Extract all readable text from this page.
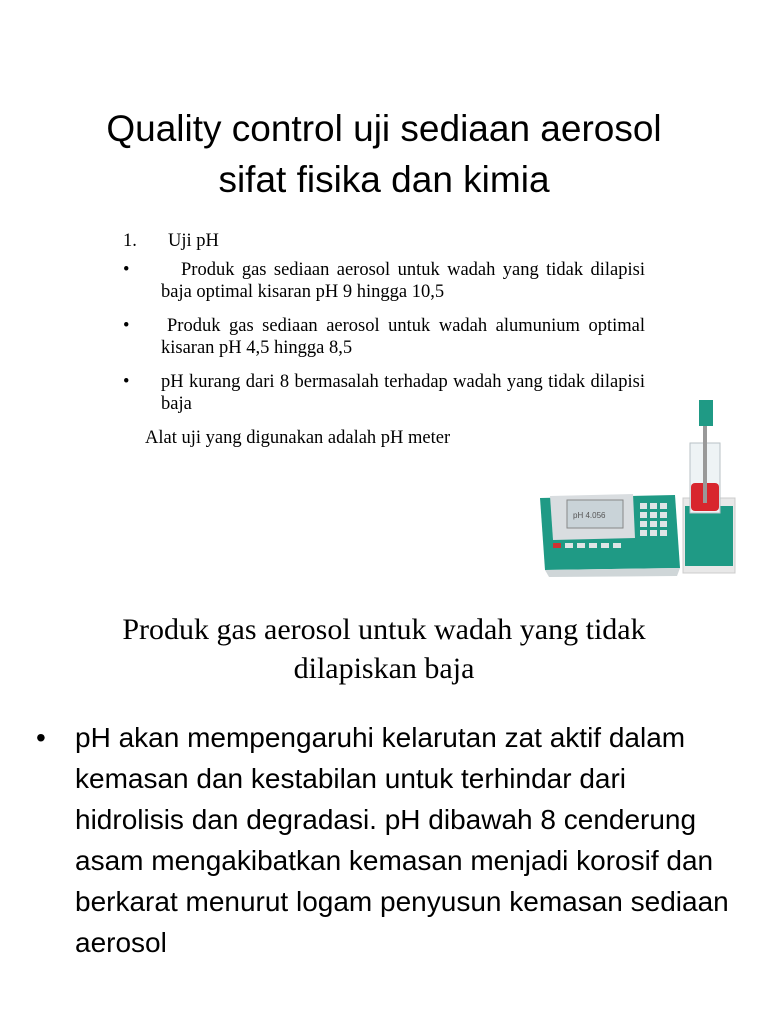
Quality control uji sediaan aerosol
sifat fisika dan kimia
1. Uji pH
•	Produk gas sediaan aerosol untuk wadah yang tidak dilapisi baja optimal kisaran pH 9 hingga 10,5
•	Produk gas sediaan aerosol untuk wadah alumunium optimal kisaran pH 4,5 hingga 8,5
• pH kurang dari 8 bermasalah terhadap wadah yang tidak dilapisi baja
Alat uji yang digunakan adalah pH meter
pH 4.056
Produk gas aerosol untuk wadah yang tidak
dilapiskan baja
• pH akan mempengaruhi kelarutan zat aktif dalam kemasan dan kestabilan untuk terhindar dari hidrolisis dan degradasi. pH dibawah 8 cenderung asam mengakibatkan kemasan menjadi korosif dan berkarat menurut logam penyusun kemasan sediaan aerosol
